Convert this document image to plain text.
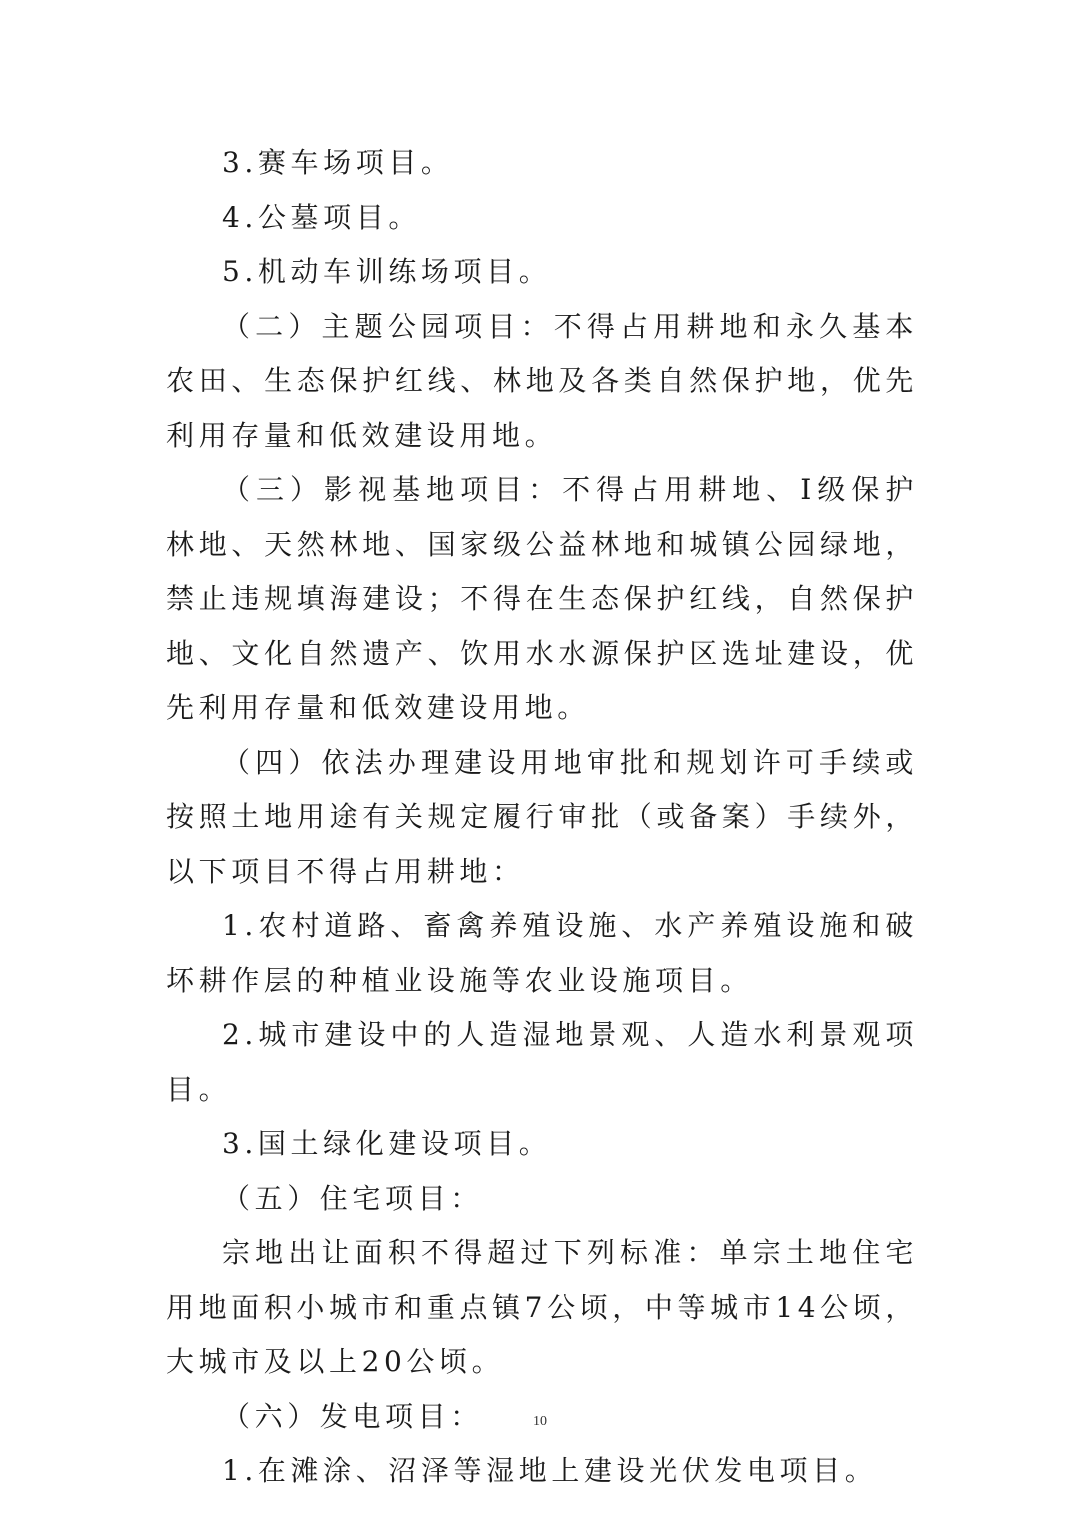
3.赛车场项目。

4.公墓项目。

5.机动车训练场项目。

（二）主题公园项目：不得占用耕地和永久基本农田、生态保护红线、林地及各类自然保护地，优先利用存量和低效建设用地。

（三）影视基地项目：不得占用耕地、I级保护林地、天然林地、国家级公益林地和城镇公园绿地，禁止违规填海建设；不得在生态保护红线，自然保护地、文化自然遗产、饮用水水源保护区选址建设，优先利用存量和低效建设用地。

（四）依法办理建设用地审批和规划许可手续或按照土地用途有关规定履行审批（或备案）手续外，以下项目不得占用耕地：

1.农村道路、畜禽养殖设施、水产养殖设施和破坏耕作层的种植业设施等农业设施项目。

2.城市建设中的人造湿地景观、人造水利景观项目。

3.国土绿化建设项目。

（五）住宅项目：

宗地出让面积不得超过下列标准：单宗土地住宅用地面积小城市和重点镇7公顷，中等城市14公顷，大城市及以上20公顷。

（六）发电项目：

1.在滩涂、沼泽等湿地上建设光伏发电项目。

10
